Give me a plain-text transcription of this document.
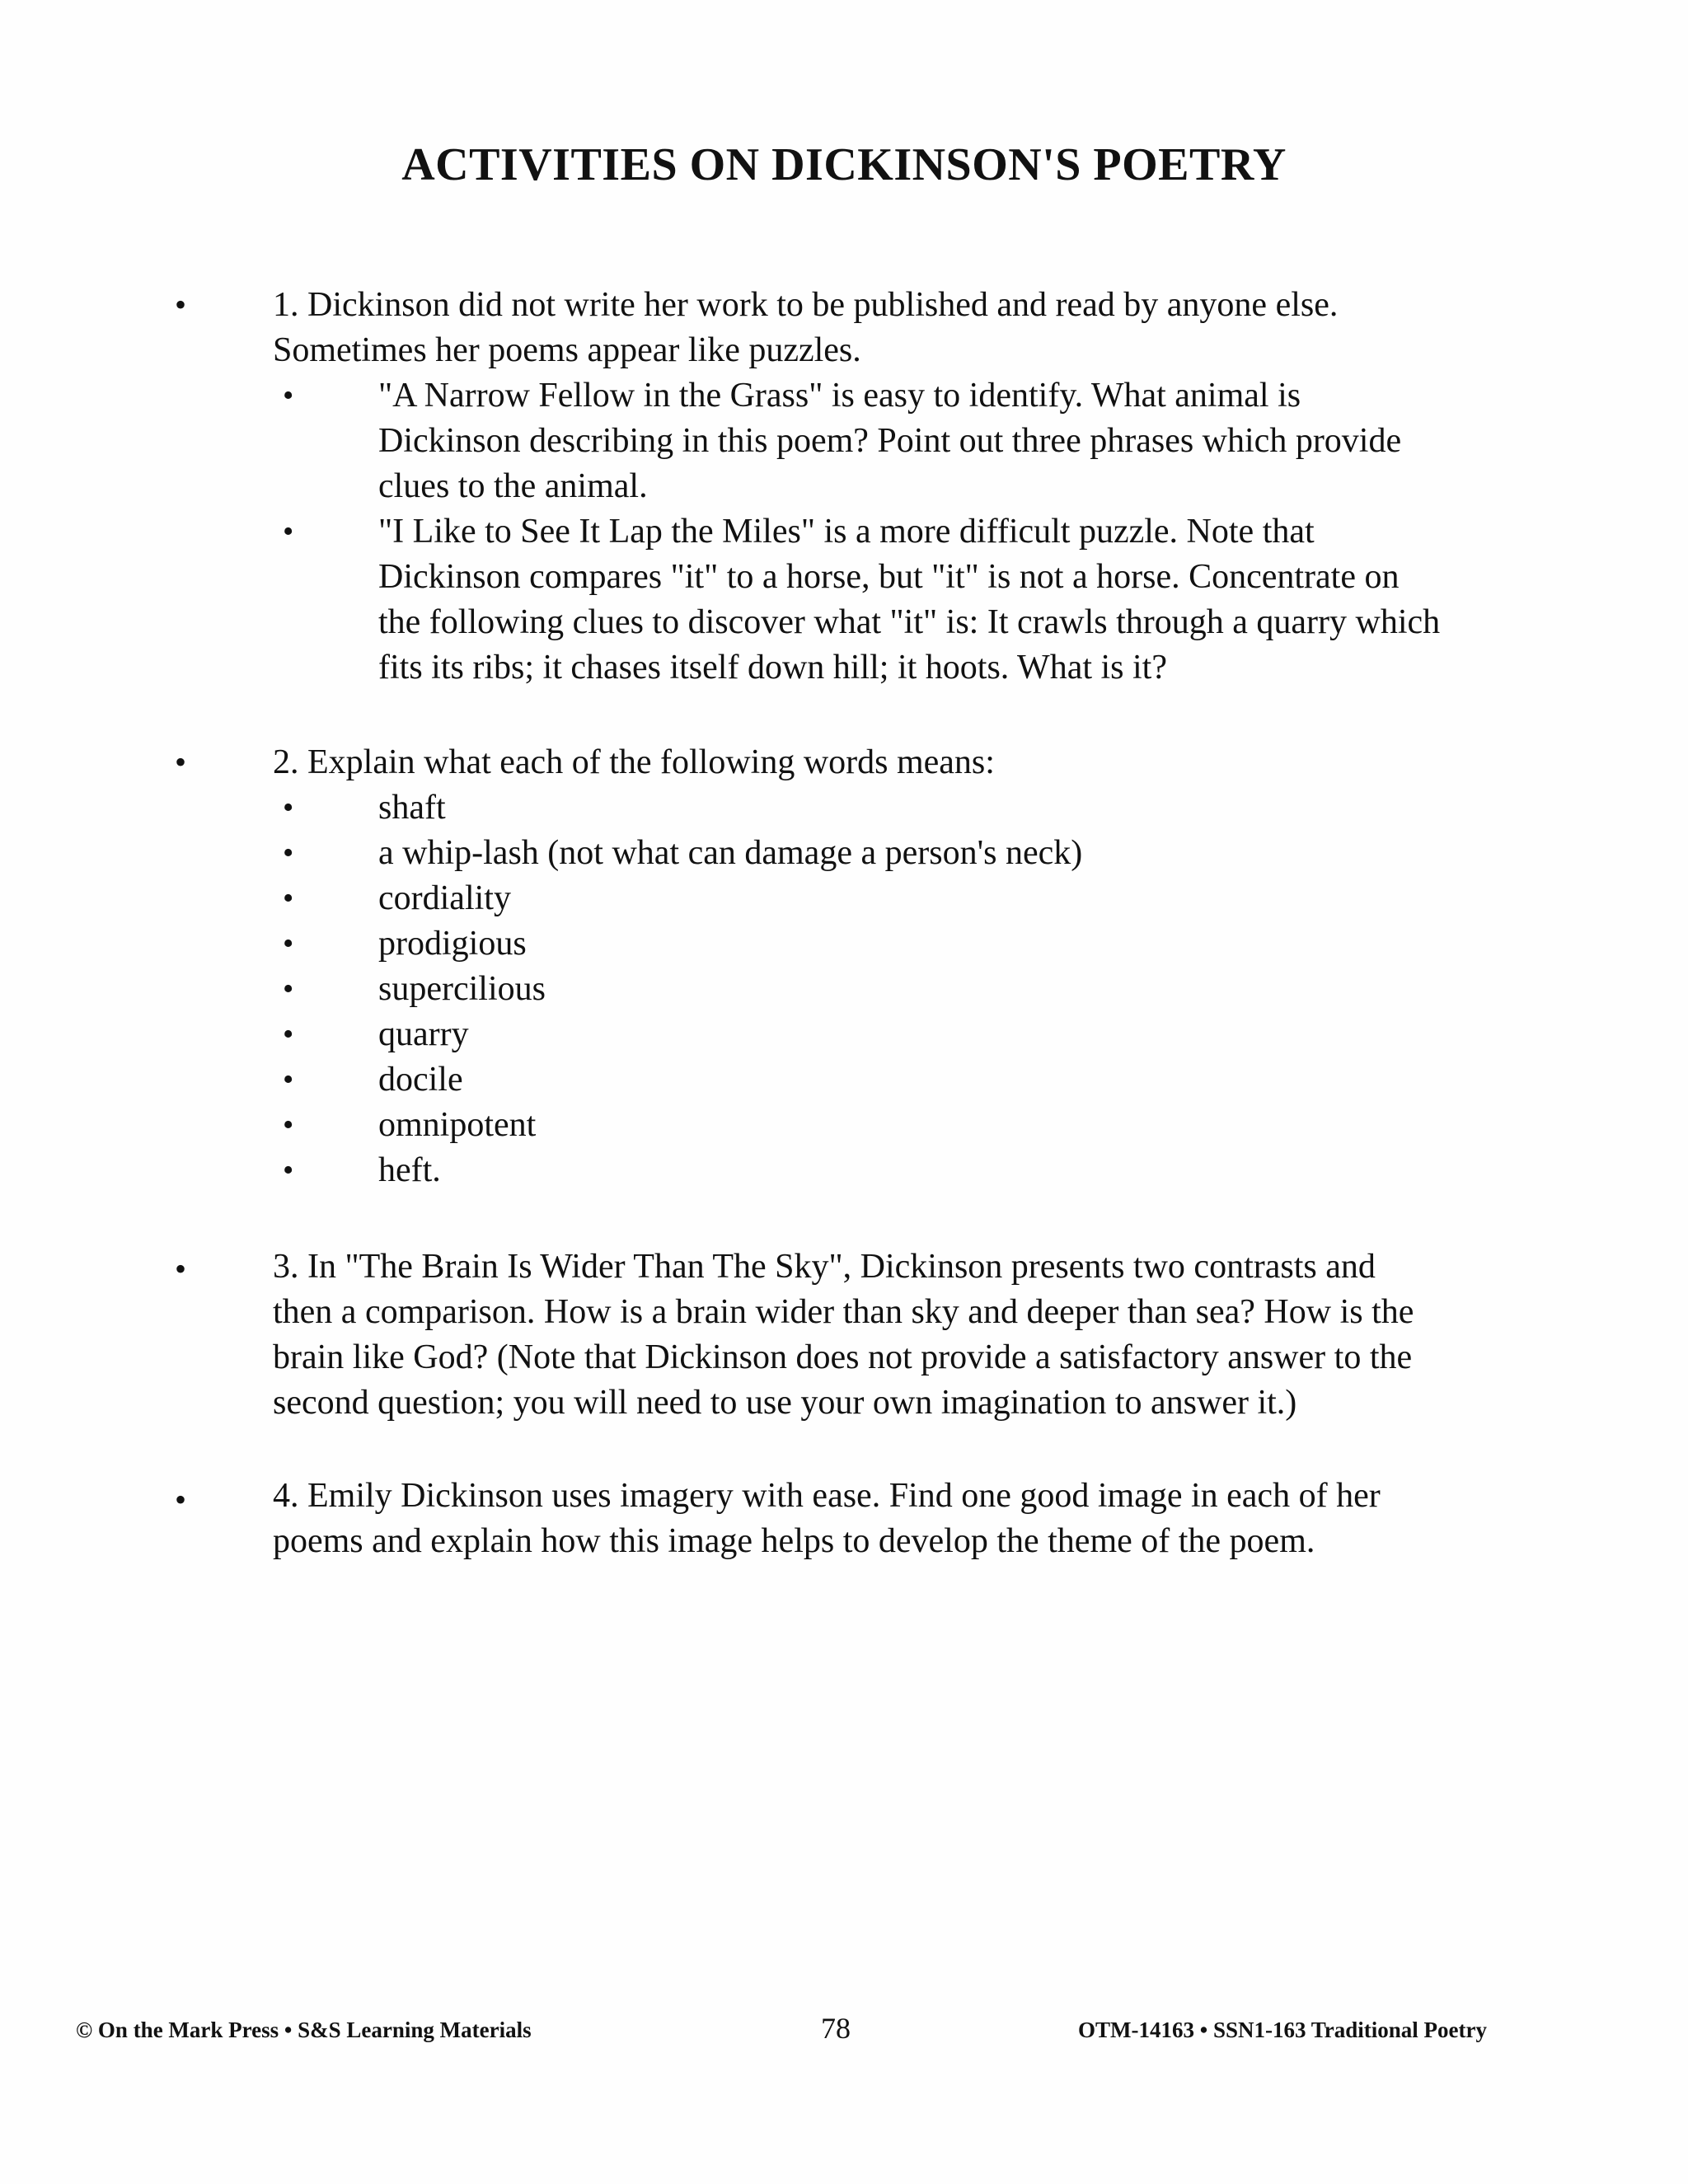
ACTIVITIES ON DICKINSON'S POETRY
• 1. Dickinson did not write her work to be published and read by anyone else.
Sometimes her poems appear like puzzles.
• "A Narrow Fellow in the Grass" is easy to identify. What animal is
Dickinson describing in this poem? Point out three phrases which provide
clues to the animal.
• "I Like to See It Lap the Miles" is a more difficult puzzle. Note that
Dickinson compares "it" to a horse, but "it" is not a horse. Concentrate on
the following clues to discover what "it" is: It crawls through a quarry which
fits its ribs; it chases itself down hill; it hoots. What is it?
• 2. Explain what each of the following words means:
• shaft
• a whip-lash (not what can damage a person's neck)
• cordiality
• prodigious
• supercilious
• quarry
• docile
• omnipotent
• heft.
• 3. In "The Brain Is Wider Than The Sky", Dickinson presents two contrasts and
then a comparison. How is a brain wider than sky and deeper than sea? How is the
brain like God? (Note that Dickinson does not provide a satisfactory answer to the
second question; you will need to use your own imagination to answer it.)
• 4. Emily Dickinson uses imagery with ease. Find one good image in each of her
poems and explain how this image helps to develop the theme of the poem.
© On the Mark Press • S&S Learning Materials	78	OTM-14163 • SSN1-163 Traditional Poetry
